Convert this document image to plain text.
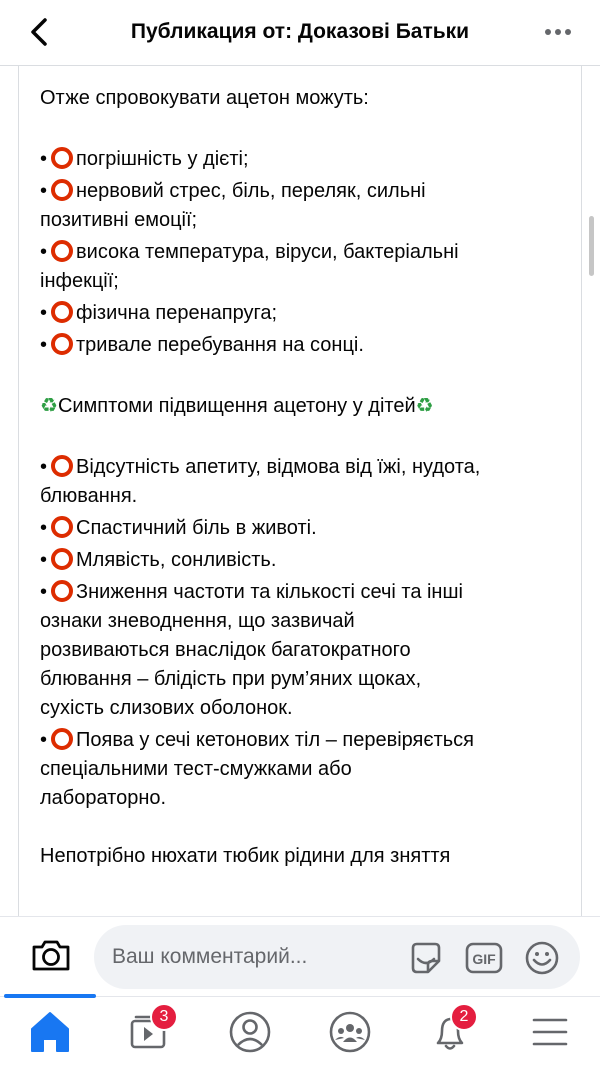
Публикация от: Доказові Батьки
Отже спровокувати ацетон можуть:
• погрішність у дієті;
• нервовий стрес, біль, переляк, сильні
позитивні емоції;
• висока температура, віруси, бактеріальні
інфекції;
• фізична перенапруга;
• тривале перебування на сонці.
♻Симптоми підвищення ацетону у дітей♻
• Відсутність апетиту, відмова від їжі, нудота,
блювання.
• Спастичний біль в животі.
• Млявість, сонливість.
• Зниження частоти та кількості сечі та інші
ознаки зневоднення, що зазвичай
розвиваються внаслідок багатократного
блювання – блідість при рум’яних щоках,
сухість слизових оболонок.
• Поява у сечі кетонових тіл – перевіряється
спеціальними тест-смужками або
лабораторно.
Непотрібно нюхати тюбик рідини для зняття
Ваш комментарий...
GIF
3	2
